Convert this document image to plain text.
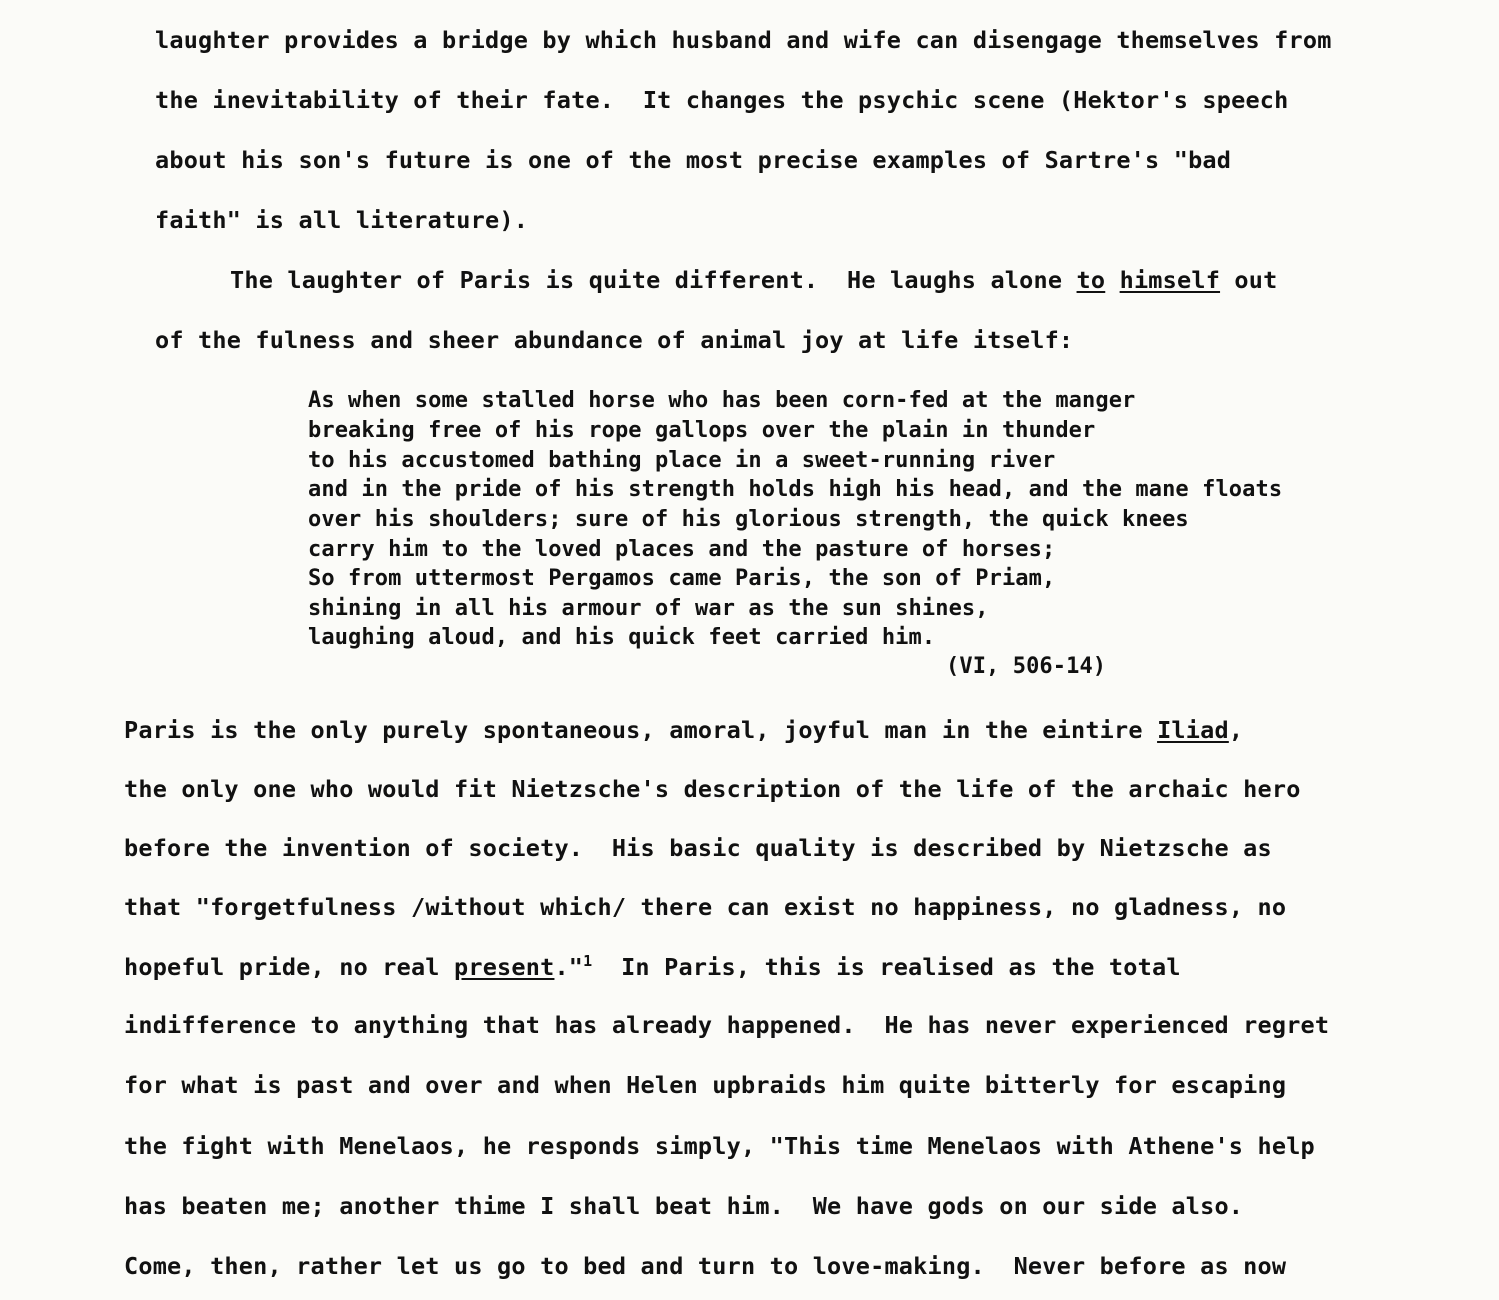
laughter provides a bridge by which husband and wife can disengage themselves from
the inevitability of their fate.  It changes the psychic scene (Hektor's speech
about his son's future is one of the most precise examples of Sartre's "bad
faith" is all literature).
The laughter of Paris is quite different.  He laughs alone to himself out
of the fulness and sheer abundance of animal joy at life itself:
As when some stalled horse who has been corn-fed at the manger
breaking free of his rope gallops over the plain in thunder
to his accustomed bathing place in a sweet-running river
and in the pride of his strength holds high his head, and the mane floats
over his shoulders; sure of his glorious strength, the quick knees
carry him to the loved places and the pasture of horses;
So from uttermost Pergamos came Paris, the son of Priam,
shining in all his armour of war as the sun shines,
laughing aloud, and his quick feet carried him.
(VI, 506-14)
Paris is the only purely spontaneous, amoral, joyful man in the eintire Iliad,
the only one who would fit Nietzsche's description of the life of the archaic hero
before the invention of society.  His basic quality is described by Nietzsche as
that "forgetfulness /without which/ there can exist no happiness, no gladness, no
hopeful pride, no real present."$^1$  In Paris, this is realised as the total
indifference to anything that has already happened.  He has never experienced regret
for what is past and over and when Helen upbraids him quite bitterly for escaping
the fight with Menelaos, he responds simply, "This time Menelaos with Athene's help
has beaten me; another thime I shall beat him.  We have gods on our side also.
Come, then, rather let us go to bed and turn to love-making.  Never before as now
